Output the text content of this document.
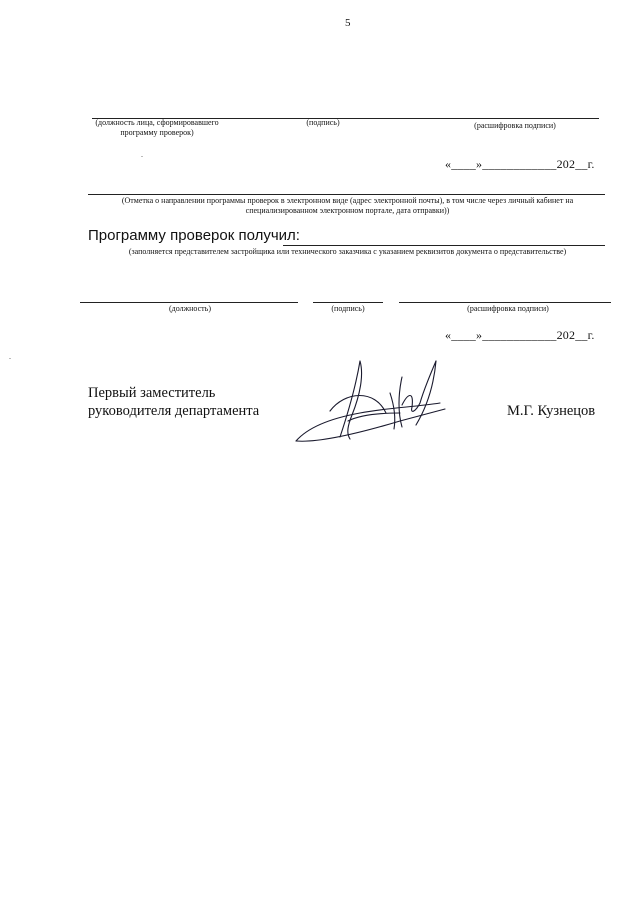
5
(должность лица, сформировавшего программу проверок)
(подпись)	(расшифровка подписи)
«____»____________202__г.
(Отметка о направлении программы проверок в электронном виде (адрес электронной почты), в том числе через личный кабинет на специализированном электронном портале, дата отправки))
Программу проверок получил:
(заполняется представителем застройщика или технического заказчика с указанием реквизитов документа о представительстве)
(должность)	(подпись)	(расшифровка подписи)
«____»____________202__г.
Первый заместитель
руководителя департамента	М.Г. Кузнецов
